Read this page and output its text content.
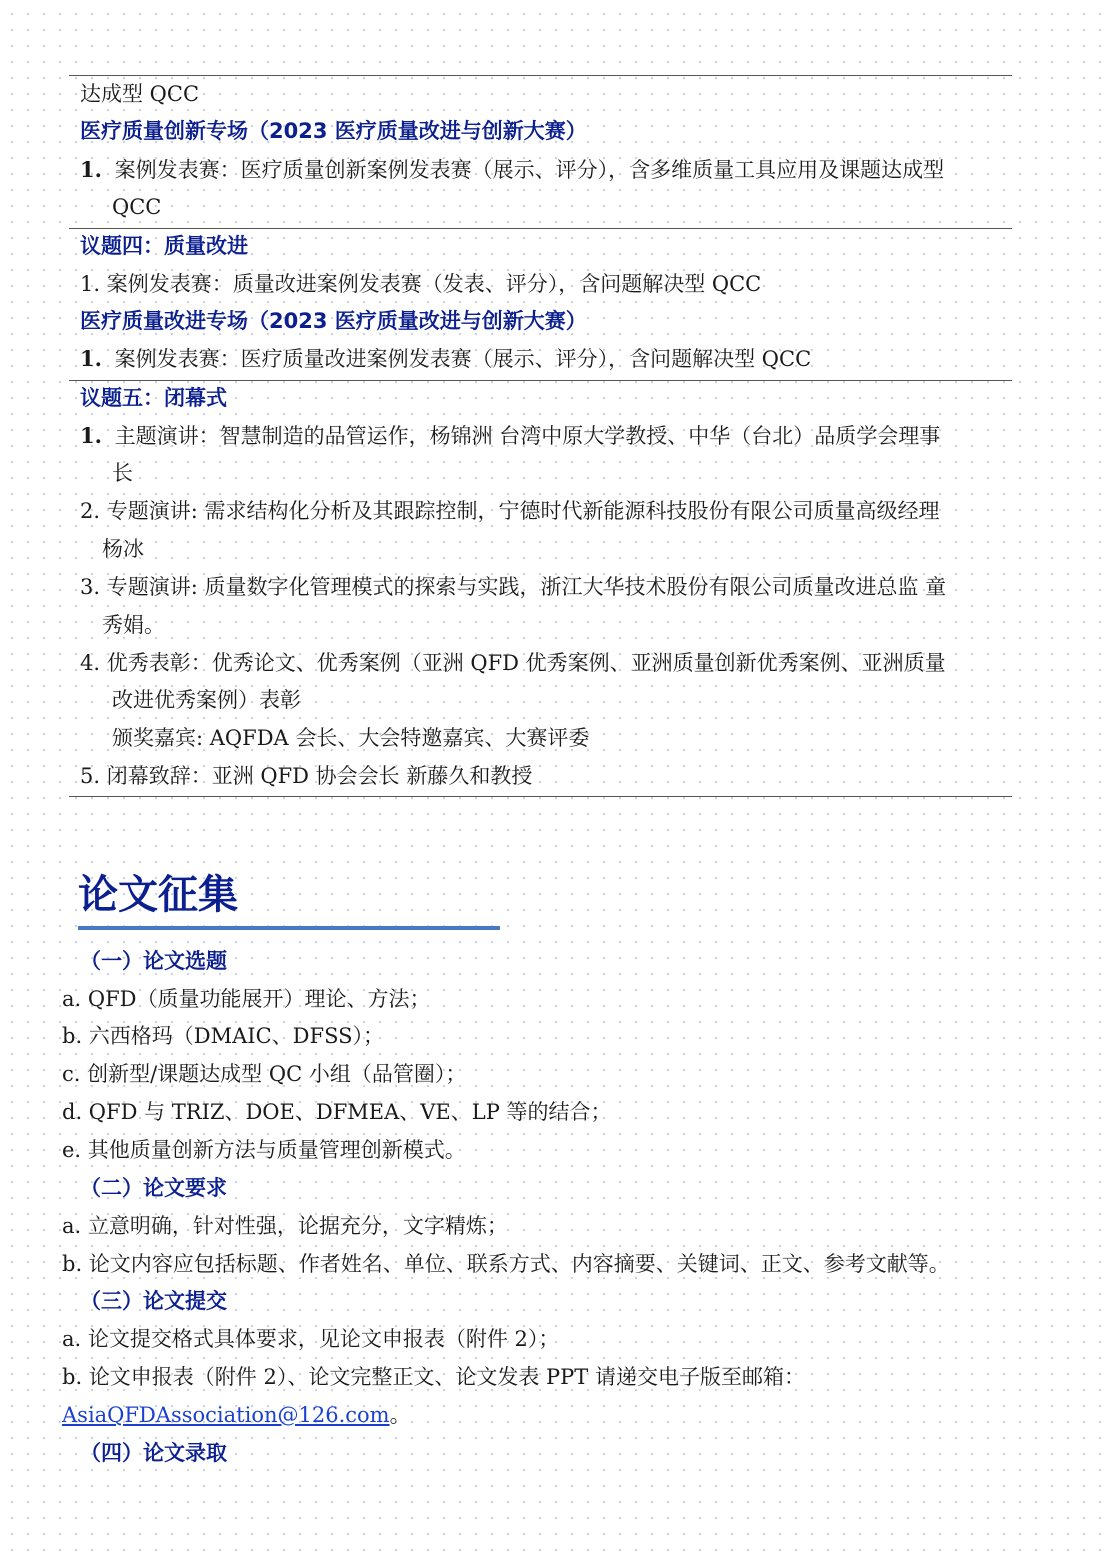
达成型 QCC
医疗质量创新专场（2023 医疗质量改进与创新大赛）
1. 案例发表赛：医疗质量创新案例发表赛（展示、评分），含多维质量工具应用及课题达成型
QCC
议题四：质量改进
1. 案例发表赛：质量改进案例发表赛（发表、评分），含问题解决型 QCC
医疗质量改进专场（2023 医疗质量改进与创新大赛）
1. 案例发表赛：医疗质量改进案例发表赛（展示、评分），含问题解决型 QCC
议题五：闭幕式
1. 主题演讲：智慧制造的品管运作，杨锦洲 台湾中原大学教授、中华（台北）品质学会理事
长
2. 专题演讲: 需求结构化分析及其跟踪控制，宁德时代新能源科技股份有限公司质量高级经理
杨冰
3. 专题演讲: 质量数字化管理模式的探索与实践，浙江大华技术股份有限公司质量改进总监 童
秀娟。
4. 优秀表彰：优秀论文、优秀案例（亚洲 QFD 优秀案例、亚洲质量创新优秀案例、亚洲质量
改进优秀案例）表彰
颁奖嘉宾: AQFDA 会长、大会特邀嘉宾、大赛评委
5. 闭幕致辞：亚洲 QFD 协会会长 新藤久和教授
论文征集
（一）论文选题
a. QFD（质量功能展开）理论、方法；
b. 六西格玛（DMAIC、DFSS）；
c. 创新型/课题达成型 QC 小组（品管圈）；
d. QFD 与 TRIZ、DOE、DFMEA、VE、LP 等的结合；
e. 其他质量创新方法与质量管理创新模式。
（二）论文要求
a. 立意明确，针对性强，论据充分，文字精炼；
b. 论文内容应包括标题、作者姓名、单位、联系方式、内容摘要、关键词、正文、参考文献等。
（三）论文提交
a. 论文提交格式具体要求，见论文申报表（附件 2）；
b. 论文申报表（附件 2）、论文完整正文、论文发表 PPT 请递交电子版至邮箱：
AsiaQFDAssociation@126.com。
（四）论文录取
